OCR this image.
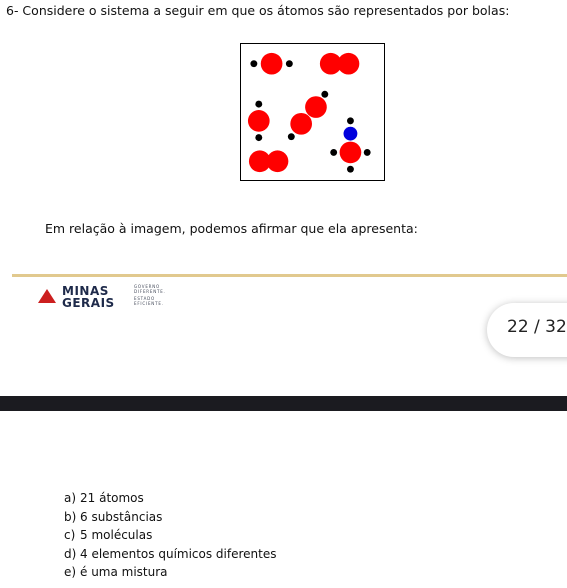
6- Considere o sistema a seguir em que os átomos são representados por bolas:

Em relação à imagem, podemos afirmar que ela apresenta:

MINAS
GERAIS
GOVERNO
DIFERENTE.
ESTADO
EFICIENTE.
22 / 32
a) 21 átomos
b) 6 substâncias
c) 5 moléculas
d) 4 elementos químicos diferentes
e) é uma mistura
